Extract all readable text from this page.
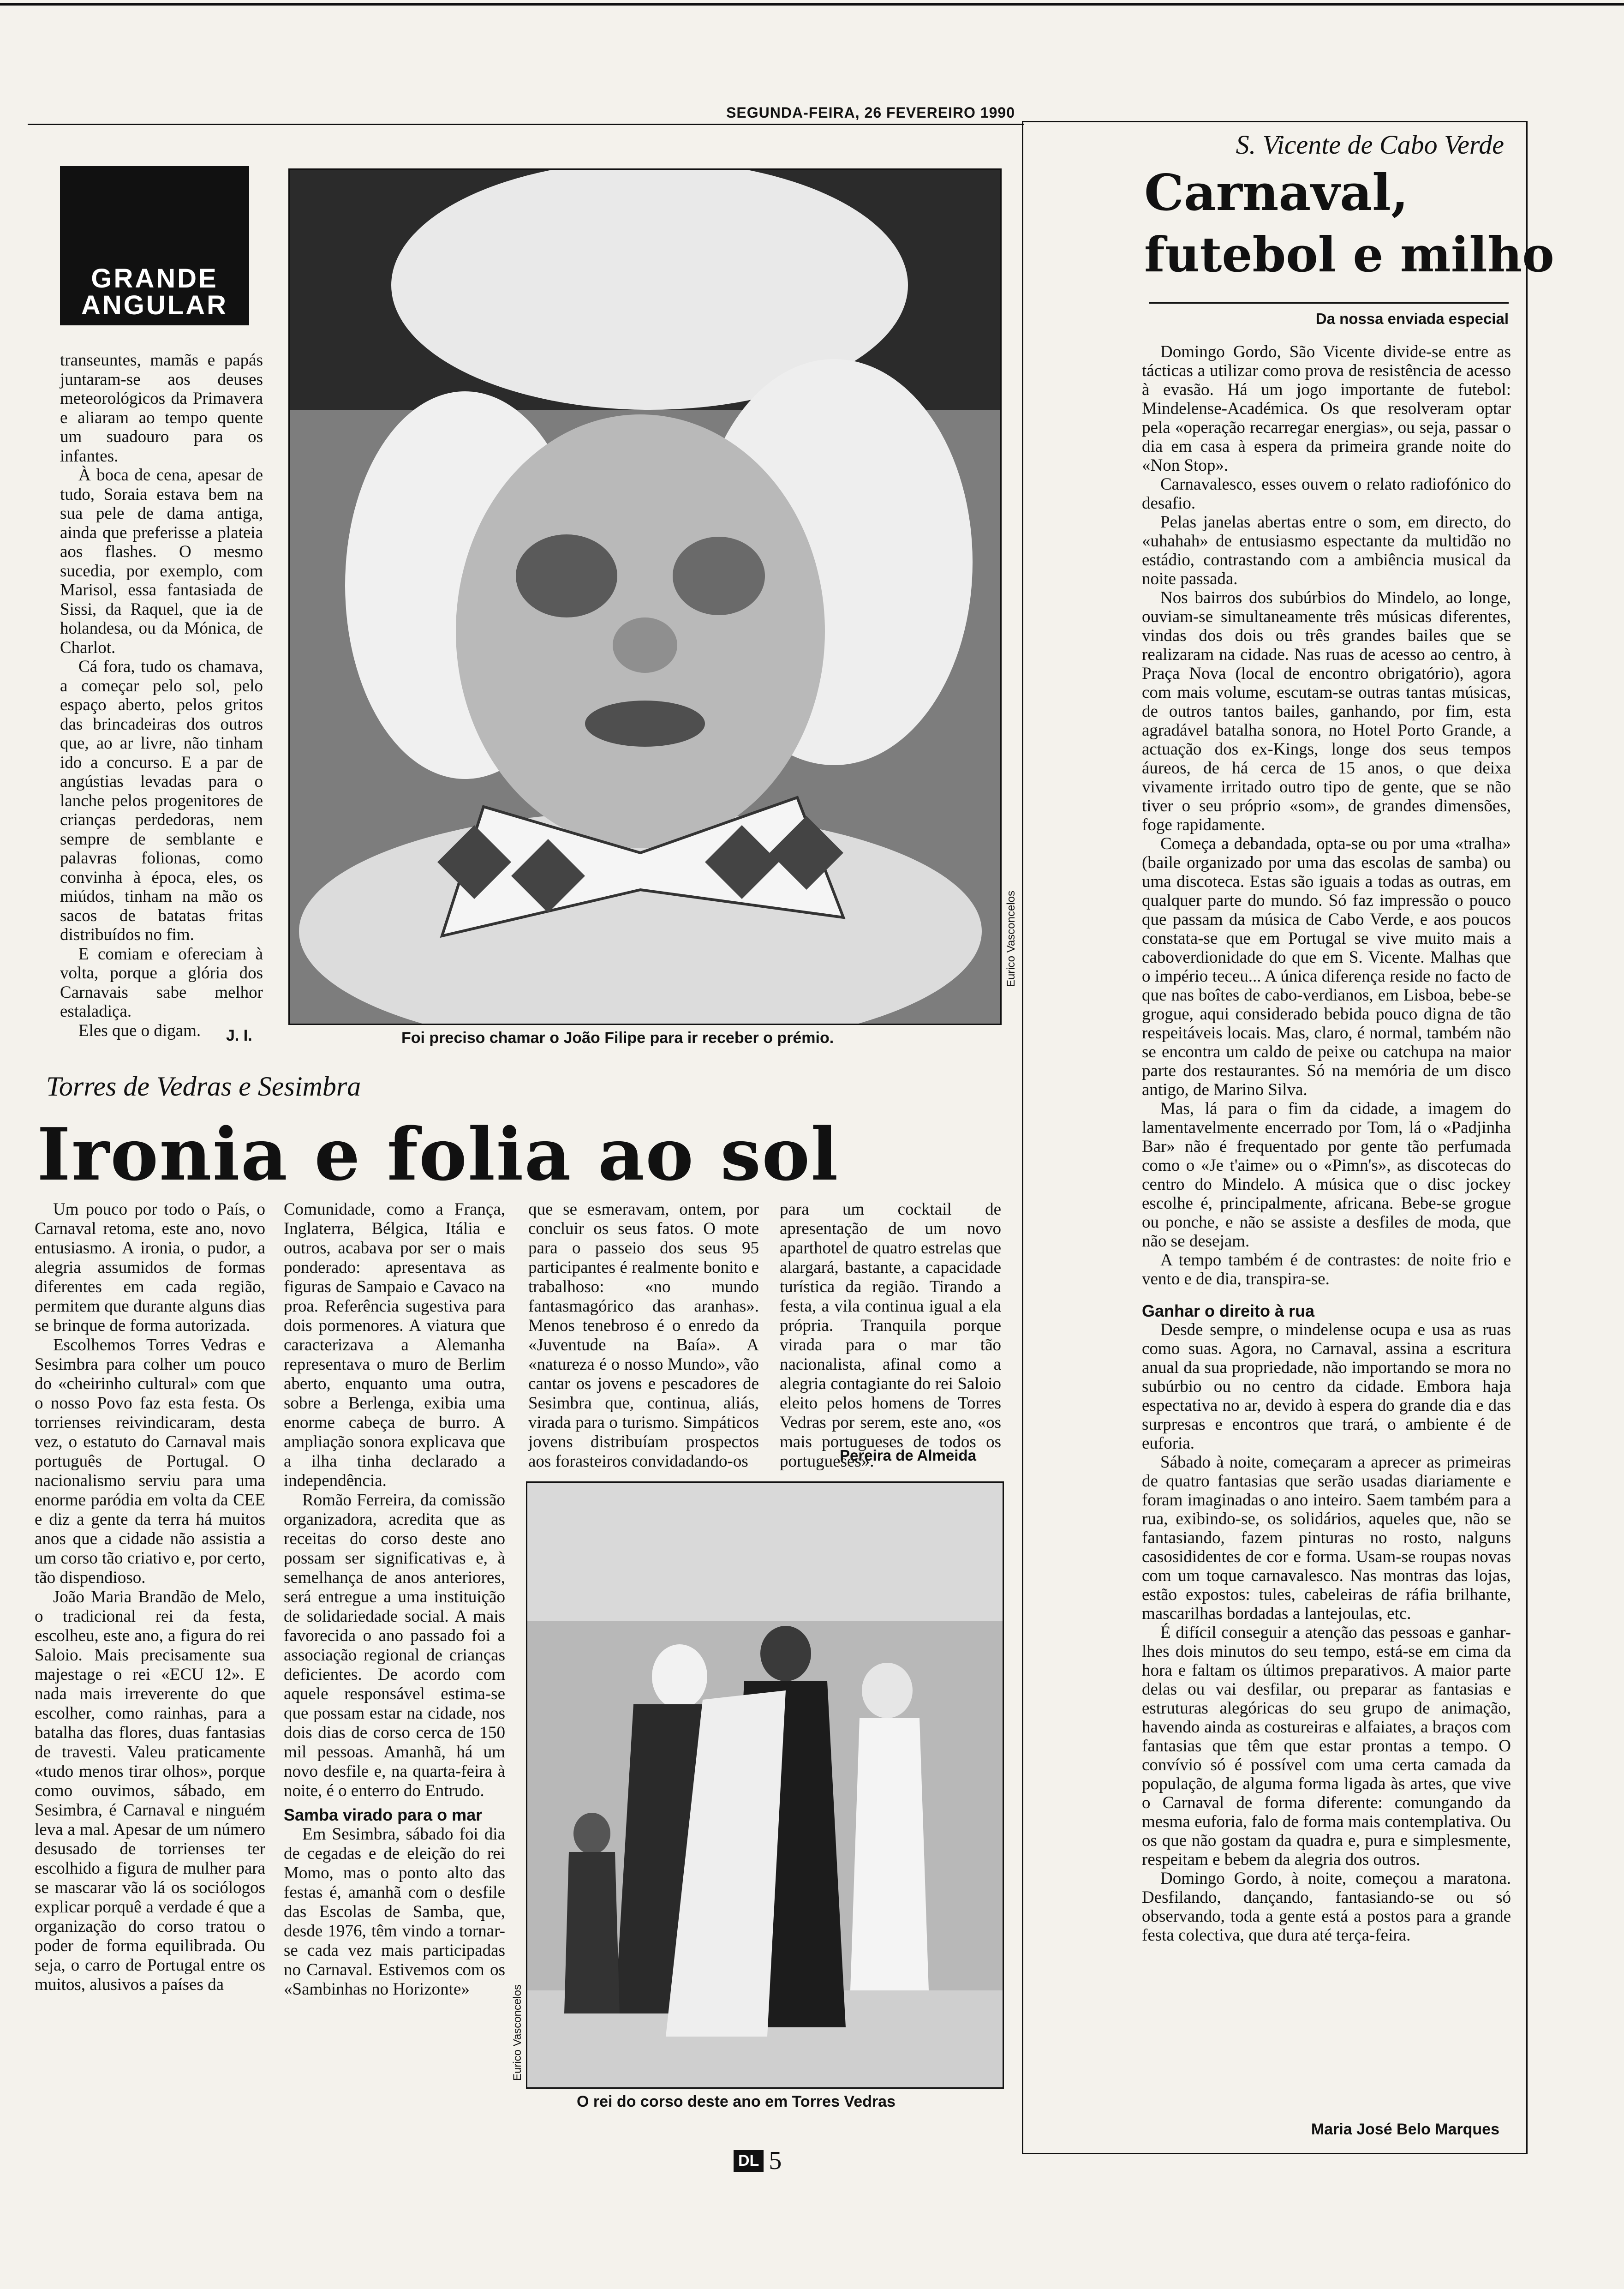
SEGUNDA-FEIRA, 26 FEVEREIRO 1990
GRANDE
ANGULAR

transeuntes, mamãs e papás juntaram-se aos deuses meteorológicos da Primavera e aliaram ao tempo quente um suadouro para os infantes.

À boca de cena, apesar de tudo, Soraia estava bem na sua pele de dama antiga, ainda que preferisse a plateia aos flashes. O mesmo sucedia, por exemplo, com Marisol, essa fantasiada de Sissi, da Raquel, que ia de holandesa, ou da Mónica, de Charlot.

Cá fora, tudo os chamava, a começar pelo sol, pelo espaço aberto, pelos gritos das brincadeiras dos outros que, ao ar livre, não tinham ido a concurso. E a par de angústias levadas para o lanche pelos progenitores de crianças perdedoras, nem sempre de semblante e palavras folionas, como convinha à época, eles, os miúdos, tinham na mão os sacos de batatas fritas distribuídos no fim.

E comiam e ofereciam à volta, porque a glória dos Carnavais sabe melhor estaladiça.

Eles que o digam.	J. I.
Eurico Vasconcelos
Foi preciso chamar o João Filipe para ir receber o prémio.
Torres de Vedras e Sesimbra
Ironia e folia ao sol

Um pouco por todo o País, o Carnaval retoma, este ano, novo entusiasmo. A ironia, o pudor, a alegria assumidos de formas diferentes em cada região, permitem que durante alguns dias se brinque de forma autorizada.

Escolhemos Torres Vedras e Sesimbra para colher um pouco do «cheirinho cultural» com que o nosso Povo faz esta festa. Os torrienses reivindicaram, desta vez, o estatuto do Carnaval mais português de Portugal. O nacionalismo serviu para uma enorme paródia em volta da CEE e diz a gente da terra há muitos anos que a cidade não assistia a um corso tão criativo e, por certo, tão dispendioso.

João Maria Brandão de Melo, o tradicional rei da festa, escolheu, este ano, a figura do rei Saloio. Mais precisamente sua majestage o rei «ECU 12». E nada mais irreverente do que escolher, como rainhas, para a batalha das flores, duas fantasias de travesti. Valeu praticamente «tudo menos tirar olhos», porque como ouvimos, sábado, em Sesimbra, é Carnaval e ninguém leva a mal. Apesar de um número desusado de torrienses ter escolhido a figura de mulher para se mascarar vão lá os sociólogos explicar porquê a verdade é que a organização do corso tratou o poder de forma equilibrada. Ou seja, o carro de Portugal entre os muitos, alusivos a países da

Comunidade, como a França, Inglaterra, Bélgica, Itália e outros, acabava por ser o mais ponderado: apresentava as figuras de Sampaio e Cavaco na proa. Referência sugestiva para dois pormenores. A viatura que caracterizava a Alemanha representava o muro de Berlim aberto, enquanto uma outra, sobre a Berlenga, exibia uma enorme cabeça de burro. A ampliação sonora explicava que a ilha tinha declarado a independência.

Romão Ferreira, da comissão organizadora, acredita que as receitas do corso deste ano possam ser significativas e, à semelhança de anos anteriores, será entregue a uma instituição de solidariedade social. A mais favorecida o ano passado foi a associação regional de crianças deficientes. De acordo com aquele responsável estima-se que possam estar na cidade, nos dois dias de corso cerca de 150 mil pessoas. Amanhã, há um novo desfile e, na quarta-feira à noite, é o enterro do Entrudo.

Samba virado para o mar

Em Sesimbra, sábado foi dia de cegadas e de eleição do rei Momo, mas o ponto alto das festas é, amanhã com o desfile das Escolas de Samba, que, desde 1976, têm vindo a tornar-se cada vez mais participadas no Carnaval. Estivemos com os «Sambinhas no Horizonte»

que se esmeravam, ontem, por concluir os seus fatos. O mote para o passeio dos seus 95 participantes é realmente bonito e trabalhoso: «no mundo fantasmagórico das aranhas». Menos tenebroso é o enredo da «Juventude na Baía». A «natureza é o nosso Mundo», vão cantar os jovens e pescadores de Sesimbra que, continua, aliás, virada para o turismo. Simpáticos jovens distribuíam prospectos aos forasteiros convidadando-os

para um cocktail de apresentação de um novo aparthotel de quatro estrelas que alargará, bastante, a capacidade turística da região. Tirando a festa, a vila continua igual a ela própria. Tranquila porque virada para o mar tão nacionalista, afinal como a alegria contagiante do rei Saloio eleito pelos homens de Torres Vedras por serem, este ano, «os mais portugueses de todos os portugueses».

Pereira de Almeida
Eurico Vasconcelos
O rei do corso deste ano em Torres Vedras
S. Vicente de Cabo Verde
Carnaval,
futebol e milho
Da nossa enviada especial

Domingo Gordo, São Vicente divide-se entre as tácticas a utilizar como prova de resistência de acesso à evasão. Há um jogo importante de futebol: Mindelense-Académica. Os que resolveram optar pela «operação recarregar energias», ou seja, passar o dia em casa à espera da primeira grande noite do «Non Stop».

Carnavalesco, esses ouvem o relato radiofónico do desafio.

Pelas janelas abertas entre o som, em directo, do «uhahah» de entusiasmo espectante da multidão no estádio, contrastando com a ambiência musical da noite passada.

Nos bairros dos subúrbios do Mindelo, ao longe, ouviam-se simultaneamente três músicas diferentes, vindas dos dois ou três grandes bailes que se realizaram na cidade. Nas ruas de acesso ao centro, à Praça Nova (local de encontro obrigatório), agora com mais volume, escutam-se outras tantas músicas, de outros tantos bailes, ganhando, por fim, esta agradável batalha sonora, no Hotel Porto Grande, a actuação dos ex-Kings, longe dos seus tempos áureos, de há cerca de 15 anos, o que deixa vivamente irritado outro tipo de gente, que se não tiver o seu próprio «som», de grandes dimensões, foge rapidamente.

Começa a debandada, opta-se ou por uma «tralha» (baile organizado por uma das escolas de samba) ou uma discoteca. Estas são iguais a todas as outras, em qualquer parte do mundo. Só faz impressão o pouco que passam da música de Cabo Verde, e aos poucos constata-se que em Portugal se vive muito mais a caboverdionidade do que em S. Vicente. Malhas que o império teceu... A única diferença reside no facto de que nas boîtes de cabo-verdianos, em Lisboa, bebe-se grogue, aqui considerado bebida pouco digna de tão respeitáveis locais. Mas, claro, é normal, também não se encontra um caldo de peixe ou catchupa na maior parte dos restaurantes. Só na memória de um disco antigo, de Marino Silva.

Mas, lá para o fim da cidade, a imagem do lamentavelmente encerrado por Tom, lá o «Padjinha Bar» não é frequentado por gente tão perfumada como o «Je t'aime» ou o «Pimn's», as discotecas do centro do Mindelo. A música que o disc jockey escolhe é, principalmente, africana. Bebe-se grogue ou ponche, e não se assiste a desfiles de moda, que não se desejam.

A tempo também é de contrastes: de noite frio e vento e de dia, transpira-se.

Ganhar o direito à rua

Desde sempre, o mindelense ocupa e usa as ruas como suas. Agora, no Carnaval, assina a escritura anual da sua propriedade, não importando se mora no subúrbio ou no centro da cidade. Embora haja espectativa no ar, devido à espera do grande dia e das surpresas e encontros que trará, o ambiente é de euforia.

Sábado à noite, começaram a aprecer as primeiras de quatro fantasias que serão usadas diariamente e foram imaginadas o ano inteiro. Saem também para a rua, exibindo-se, os solidários, aqueles que, não se fantasiando, fazem pinturas no rosto, nalguns casosididentes de cor e forma. Usam-se roupas novas com um toque carnavalesco. Nas montras das lojas, estão expostos: tules, cabeleiras de ráfia brilhante, mascarilhas bordadas a lantejoulas, etc.

É difícil conseguir a atenção das pessoas e ganhar-lhes dois minutos do seu tempo, está-se em cima da hora e faltam os últimos preparativos. A maior parte delas ou vai desfilar, ou preparar as fantasias e estruturas alegóricas do seu grupo de animação, havendo ainda as costureiras e alfaiates, a braços com fantasias que têm que estar prontas a tempo. O convívio só é possível com uma certa camada da população, de alguma forma ligada às artes, que vive o Carnaval de forma diferente: comungando da mesma euforia, falo de forma mais contemplativa. Ou os que não gostam da quadra e, pura e simplesmente, respeitam e bebem da alegria dos outros.

Domingo Gordo, à noite, começou a maratona. Desfilando, dançando, fantasiando-se ou só observando, toda a gente está a postos para a grande festa colectiva, que dura até terça-feira.

Maria José Belo Marques
DL 5
